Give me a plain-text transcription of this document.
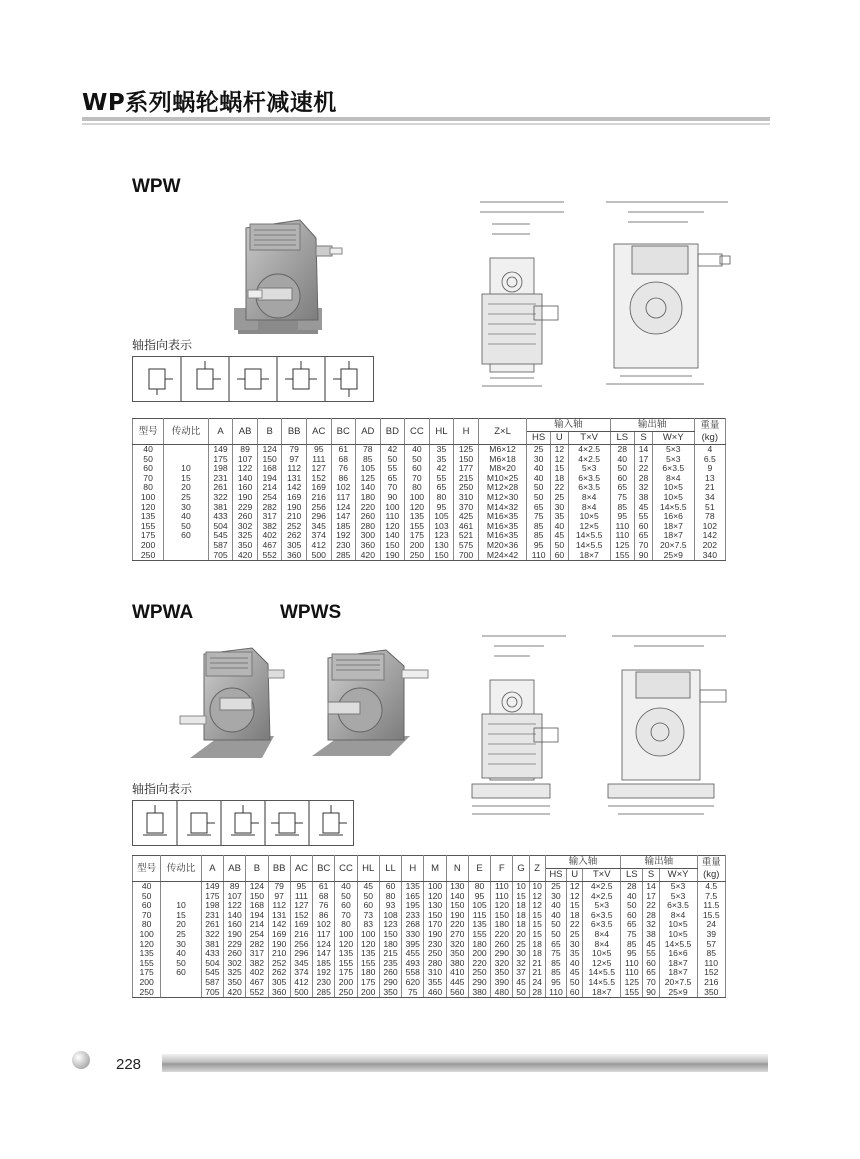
WP系列蜗轮蜗杆减速机
WPW
轴指向表示
型号	传动比	A	AB	B	BB	AC	BC	AD	BD	CC	HL	H	Z×L	输入轴			输出轴			重量
(kg)
														HS	U	T×V	LS	S	W×Y	
40		149	89	124	79	95	61	78	42	40	35	125	M6×12	25	12	4×2.5	28	14	5×3	4
50		175	107	150	97	111	68	85	50	50	35	150	M6×18	30	12	4×2.5	40	17	5×3	6.5
60	10	198	122	168	112	127	76	105	55	60	42	177	M8×20	40	15	5×3	50	22	6×3.5	9
70	15	231	140	194	131	152	86	125	65	70	55	215	M10×25	40	18	6×3.5	60	28	8×4	13
80	20	261	160	214	142	169	102	140	70	80	65	250	M12×28	50	22	6×3.5	65	32	10×5	21
100	25	322	190	254	169	216	117	180	90	100	80	310	M12×30	50	25	8×4	75	38	10×5	34
120	30	381	229	282	190	256	124	220	100	120	95	370	M14×32	65	30	8×4	85	45	14×5.5	51
135	40	433	260	317	210	296	147	260	110	135	105	425	M16×35	75	35	10×5	95	55	16×6	78
155	50	504	302	382	252	345	185	280	120	155	103	461	M16×35	85	40	12×5	110	60	18×7	102
175	60	545	325	402	262	374	192	300	140	175	123	521	M16×35	85	45	14×5.5	110	65	18×7	142
200		587	350	467	305	412	230	360	150	200	130	575	M20×36	95	50	14×5.5	125	70	20×7.5	202
250		705	420	552	360	500	285	420	190	250	150	700	M24×42	110	60	18×7	155	90	25×9	340
WPWA	WPWS
轴指向表示
型号	传动比	A	AB	B	BB	AC	BC	CC	HL	LL	H	M	N	E	F	G	Z	输入轴			输出轴			重量
(kg)
																		HS	U	T×V	LS	S	W×Y	
40		149	89	124	79	95	61	40	45	60	135	100	130	80	110	10	10	25	12	4×2.5	28	14	5×3	4.5
50		175	107	150	97	111	68	50	50	80	165	120	140	95	110	15	12	30	12	4×2.5	40	17	5×3	7.5
60	10	198	122	168	112	127	76	60	60	93	195	130	150	105	120	18	12	40	15	5×3	50	22	6×3.5	11.5
70	15	231	140	194	131	152	86	70	73	108	233	150	190	115	150	18	15	40	18	6×3.5	60	28	8×4	15.5
80	20	261	160	214	142	169	102	80	83	123	268	170	220	135	180	18	15	50	22	6×3.5	65	32	10×5	24
100	25	322	190	254	169	216	117	100	100	150	330	190	270	155	220	20	15	50	25	8×4	75	38	10×5	39
120	30	381	229	282	190	256	124	120	120	180	395	230	320	180	260	25	18	65	30	8×4	85	45	14×5.5	57
135	40	433	260	317	210	296	147	135	135	215	455	250	350	200	290	30	18	75	35	10×5	95	55	16×6	85
155	50	504	302	382	252	345	185	155	155	235	493	280	380	220	320	32	21	85	40	12×5	110	60	18×7	110
175	60	545	325	402	262	374	192	175	180	260	558	310	410	250	350	37	21	85	45	14×5.5	110	65	18×7	152
200		587	350	467	305	412	230	200	175	290	620	355	445	290	390	45	24	95	50	14×5.5	125	70	20×7.5	216
250		705	420	552	360	500	285	250	200	350	75	460	560	380	480	50	28	110	60	18×7	155	90	25×9	350
228
